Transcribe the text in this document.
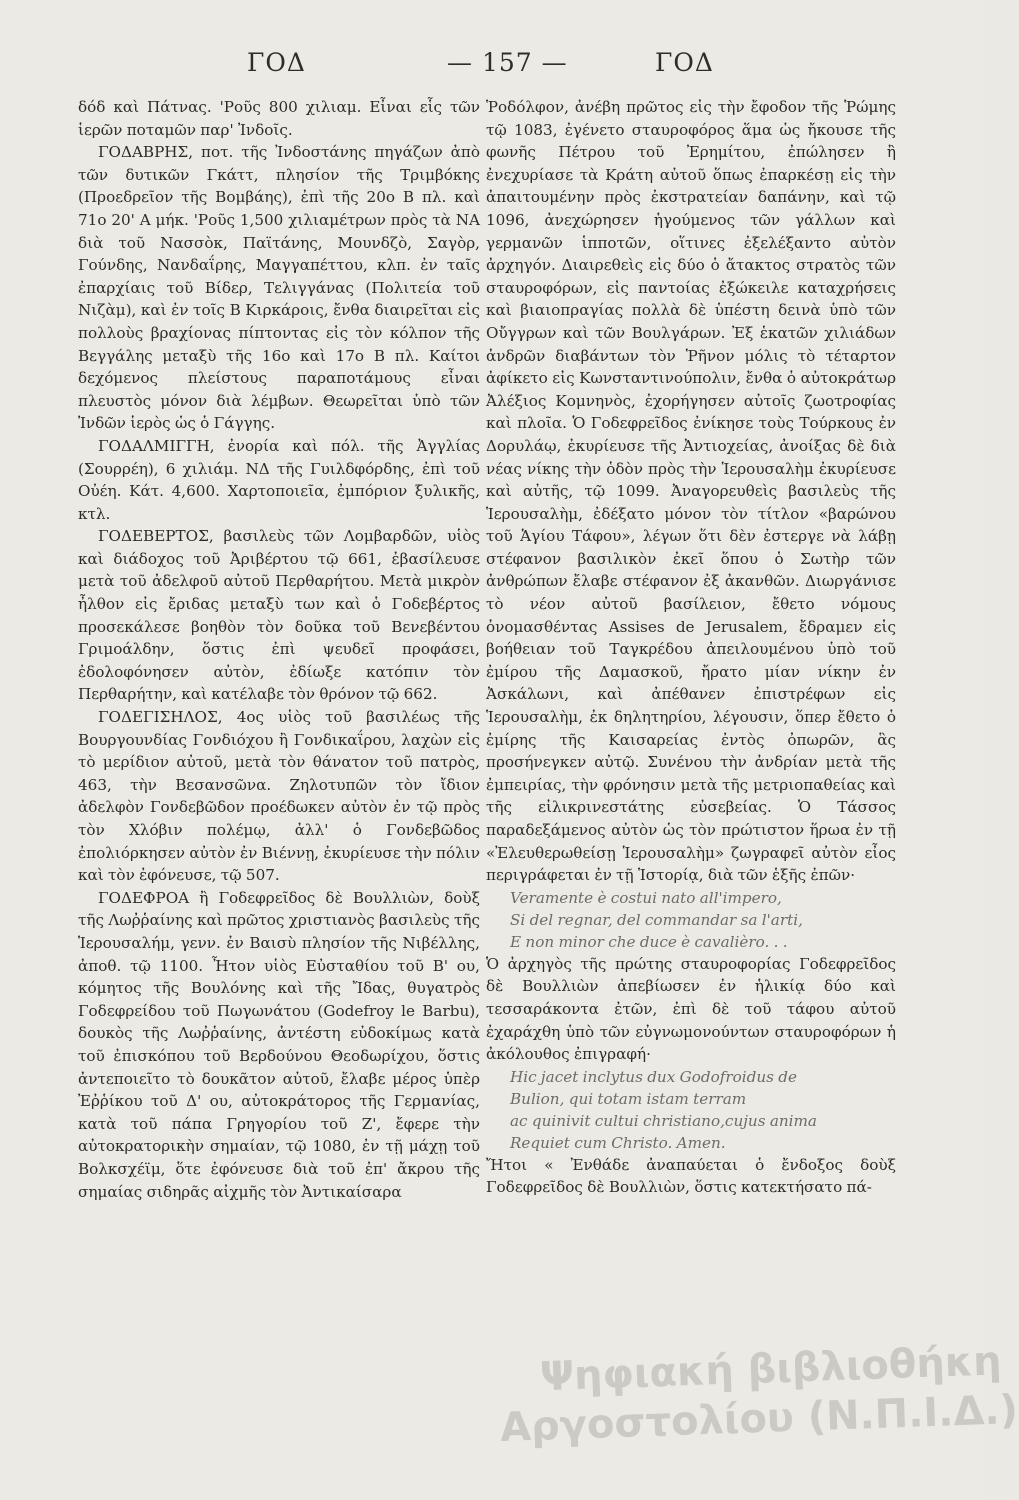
ΓΟΔ	— 157 —	ΓΟΔ

δόδ καὶ Πάτνας. 'Ροῦς 800 χιλιαμ. Εἶναι εἷς τῶν ἱερῶν ποταμῶν παρ' Ἰνδοῖς.

ΓΟΔΑΒΡΗΣ, ποτ. τῆς Ἰνδοστάνης πηγάζων ἀπὸ τῶν δυτικῶν Γκάττ, πλησίον τῆς Τριμβόκης (Προεδρεῖον τῆς Βομβάης), ἐπὶ τῆς 20ο Β πλ. καὶ 71ο 20' Α μήκ. 'Ροῦς 1,500 χιλιαμέτρων πρὸς τὰ ΝΑ διὰ τοῦ Νασσὸκ, Παϊτάνης, Μουνδζὸ, Σαγὸρ, Γούνδης, Νανδαΐρης, Μαγγαπέττου, κλπ. ἐν ταῖς ἐπαρχίαις τοῦ Βίδερ, Τελιγγάνας (Πολιτεία τοῦ Νιζὰμ), καὶ ἐν τοῖς Β Κιρκάροις, ἔνθα διαιρεῖται εἰς πολλοὺς βραχίονας πίπτοντας εἰς τὸν κόλπον τῆς Βεγγάλης μεταξὺ τῆς 16ο καὶ 17ο Β πλ. Καίτοι δεχόμενος πλείστους παραποτάμους εἶναι πλευστὸς μόνον διὰ λέμβων. Θεωρεῖται ὑπὸ τῶν Ἰνδῶν ἱερὸς ὡς ὁ Γάγγης.

ΓΟΔΑΛΜΙΓΓΗ, ἐνορία καὶ πόλ. τῆς Ἀγγλίας (Σουρρέη), 6 χιλιάμ. ΝΔ τῆς Γυιλδφόρδης, ἐπὶ τοῦ Οὐέη. Κάτ. 4,600. Χαρτοποιεῖα, ἐμπόριον ξυλικῆς, κτλ.

ΓΟΔΕΒΕΡΤΟΣ, βασιλεὺς τῶν Λομβαρδῶν, υἱὸς καὶ διάδοχος τοῦ Ἀριβέρτου τῷ 661, ἐβασίλευσε μετὰ τοῦ ἀδελφοῦ αὐτοῦ Περθαρήτου. Μετὰ μικρὸν ἦλθον εἰς ἔριδας μεταξὺ των καὶ ὁ Γοδεβέρτος προσεκάλεσε βοηθὸν τὸν δοῦκα τοῦ Βενεβέντου Γριμοάλδην, ὅστις ἐπὶ ψευδεῖ προφάσει, ἐδολοφόνησεν αὐτὸν, ἐδίωξε κατόπιν τὸν Περθαρήτην, καὶ κατέλαβε τὸν θρόνον τῷ 662.

ΓΟΔΕΓΙΣΗΛΟΣ, 4ος υἱὸς τοῦ βασιλέως τῆς Βουργουνδίας Γονδιόχου ἢ Γονδικαΐρου, λαχὼν εἰς τὸ μερίδιον αὐτοῦ, μετὰ τὸν θάνατον τοῦ πατρὸς, 463, τὴν Βεσανσῶνα. Ζηλοτυπῶν τὸν ἴδιον ἀδελφὸν Γονδεβῶδον προέδωκεν αὐτὸν ἐν τῷ πρὸς τὸν Χλόβιν πολέμῳ, ἀλλ' ὁ Γονδεβῶδος ἐπολιόρκησεν αὐτὸν ἐν Βιέννῃ, ἐκυρίευσε τὴν πόλιν καὶ τὸν ἐφόνευσε, τῷ 507.

ΓΟΔΕΦΡΟΑ ἢ Γοδεφρεῖδος δὲ Βουλλιὼν, δοὺξ τῆς Λωῤῥαίνης καὶ πρῶτος χριστιανὸς βασιλεὺς τῆς Ἱερουσαλήμ, γενν. ἐν Βαισὺ πλησίον τῆς Νιβέλλης, ἀποθ. τῷ 1100. Ἦτον υἱὸς Εὐσταθίου τοῦ Β' ου, κόμητος τῆς Βουλόνης καὶ τῆς Ἴδας, θυγατρὸς Γοδεφρείδου τοῦ Πωγωνάτου (Godefroy le Barbu), δουκὸς τῆς Λωῤῥαίνης, ἀντέστη εὐδοκίμως κατὰ τοῦ ἐπισκόπου τοῦ Βερδούνου Θεοδωρίχου, ὅστις ἀντεποιεῖτο τὸ δουκᾶτον αὐτοῦ, ἔλαβε μέρος ὑπὲρ Ἐῤῥίκου τοῦ Δ' ου, αὐτοκράτορος τῆς Γερμανίας, κατὰ τοῦ πάπα Γρηγορίου τοῦ Ζ', ἔφερε τὴν αὐτοκρατορικὴν σημαίαν, τῷ 1080, ἐν τῇ μάχῃ τοῦ Βολκσχέϊμ, ὅτε ἐφόνευσε διὰ τοῦ ἐπ' ἄκρου τῆς σημαίας σιδηρᾶς αἰχμῆς τὸν Ἀντικαίσαρα

Ῥοδόλφον, ἀνέβη πρῶτος εἰς τὴν ἔφοδον τῆς Ῥώμης τῷ 1083, ἐγένετο σταυροφόρος ἅμα ὡς ἤκουσε τῆς φωνῆς Πέτρου τοῦ Ἐρημίτου, ἐπώλησεν ἢ ἐνεχυρίασε τὰ Κράτη αὐτοῦ ὅπως ἐπαρκέσῃ εἰς τὴν ἀπαιτουμένην πρὸς ἐκστρατείαν δαπάνην, καὶ τῷ 1096, ἀνεχώρησεν ἡγούμενος τῶν γάλλων καὶ γερμανῶν ἱπποτῶν, οἵτινες ἐξελέξαντο αὐτὸν ἀρχηγόν. Διαιρεθεὶς εἰς δύο ὁ ἄτακτος στρατὸς τῶν σταυροφόρων, εἰς παντοίας ἐξώκειλε καταχρήσεις καὶ βιαιοπραγίας πολλὰ δὲ ὑπέστη δεινὰ ὑπὸ τῶν Οὔγγρων καὶ τῶν Βουλγάρων. Ἐξ ἑκατῶν χιλιάδων ἀνδρῶν διαβάντων τὸν Ῥῆνον μόλις τὸ τέταρτον ἀφίκετο εἰς Κωνσταντινούπολιν, ἔνθα ὁ αὐτοκράτωρ Ἀλέξιος Κομνηνὸς, ἐχορήγησεν αὐτοῖς ζωοτροφίας καὶ πλοῖα. Ὁ Γοδεφρεῖδος ἐνίκησε τοὺς Τούρκους ἐν Δορυλάῳ, ἐκυρίευσε τῆς Ἀντιοχείας, ἀνοίξας δὲ διὰ νέας νίκης τὴν ὁδὸν πρὸς τὴν Ἱερουσαλὴμ ἐκυρίευσε καὶ αὐτῆς, τῷ 1099. Ἀναγορευθεὶς βασιλεὺς τῆς Ἱερουσαλὴμ, ἐδέξατο μόνον τὸν τίτλον «βαρώνου τοῦ Ἁγίου Τάφου», λέγων ὅτι δὲν ἐστεργε νὰ λάβῃ στέφανον βασιλικὸν ἐκεῖ ὅπου ὁ Σωτὴρ τῶν ἀνθρώπων ἔλαβε στέφανον ἐξ ἀκανθῶν. Διωργάνισε τὸ νέον αὐτοῦ βασίλειον, ἔθετο νόμους ὀνομασθέντας Assises de Jerusalem, ἔδραμεν εἰς βοήθειαν τοῦ Ταγκρέδου ἀπειλουμένου ὑπὸ τοῦ ἐμίρου τῆς Δαμασκοῦ, ἤρατο μίαν νίκην ἐν Ἀσκάλωνι, καὶ ἀπέθανεν ἐπιστρέφων εἰς Ἱερουσαλὴμ, ἐκ δηλητηρίου, λέγουσιν, ὅπερ ἔθετο ὁ ἐμίρης τῆς Καισαρείας ἐντὸς ὀπωρῶν, ἃς προσήνεγκεν αὐτῷ. Συνένου τὴν ἀνδρίαν μετὰ τῆς ἐμπειρίας, τὴν φρόνησιν μετὰ τῆς μετριοπαθείας καὶ τῆς εἰλικρινεστάτης εὐσεβείας. Ὁ Τάσσος παραδεξάμενος αὐτὸν ὡς τὸν πρώτιστον ἥρωα ἐν τῇ «Ἐλευθερωθείσῃ Ἱερουσαλὴμ» ζωγραφεῖ αὐτὸν εἶος περιγράφεται ἐν τῇ Ἱστορίᾳ, διὰ τῶν ἑξῆς ἐπῶν·

Veramente è costui nato all'impero,
Si del regnar, del commandar sa l'arti,
E non minor che duce è cavalièro. . .

Ὁ ἀρχηγὸς τῆς πρώτης σταυροφορίας Γοδεφρεῖδος δὲ Βουλλιὼν ἀπεβίωσεν ἐν ἡλικίᾳ δύο καὶ τεσσαράκοντα ἐτῶν, ἐπὶ δὲ τοῦ τάφου αὐτοῦ ἐχαράχθη ὑπὸ τῶν εὐγνωμονούντων σταυροφόρων ἡ ἀκόλουθος ἐπιγραφή·

Hic jacet inclytus dux Godofroidus de
Bulion, qui totam istam terram
ac quinivit cultui christiano,cujus anima
Requiet cum Christo. Amen.

Ἤτοι « Ἐνθάδε ἀναπαύεται ὁ ἔνδοξος δοὺξ Γοδεφρεῖδος δὲ Βουλλιὼν, ὅστις κατεκτήσατο πά-

Ψηφιακή βιβλιοθήκη
Αργοστολίου (Ν.Π.Ι.Δ.)
